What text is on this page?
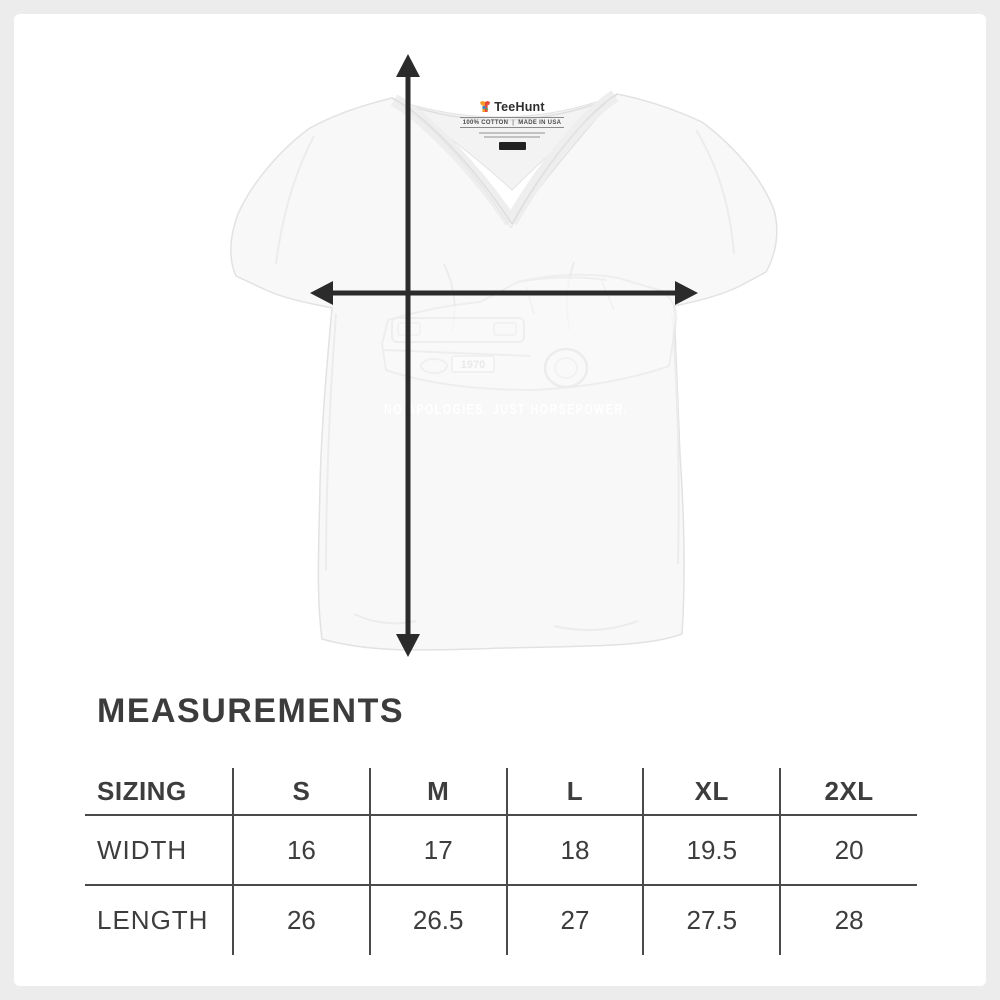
1970
NO APOLOGIES. JUST HORSEPOWER.
TeeHunt
100% COTTON | MADE IN USA
MEASUREMENTS
SIZING	S	M	L	XL	2XL
WIDTH	16	17	18	19.5	20
LENGTH	26	26.5	27	27.5	28
